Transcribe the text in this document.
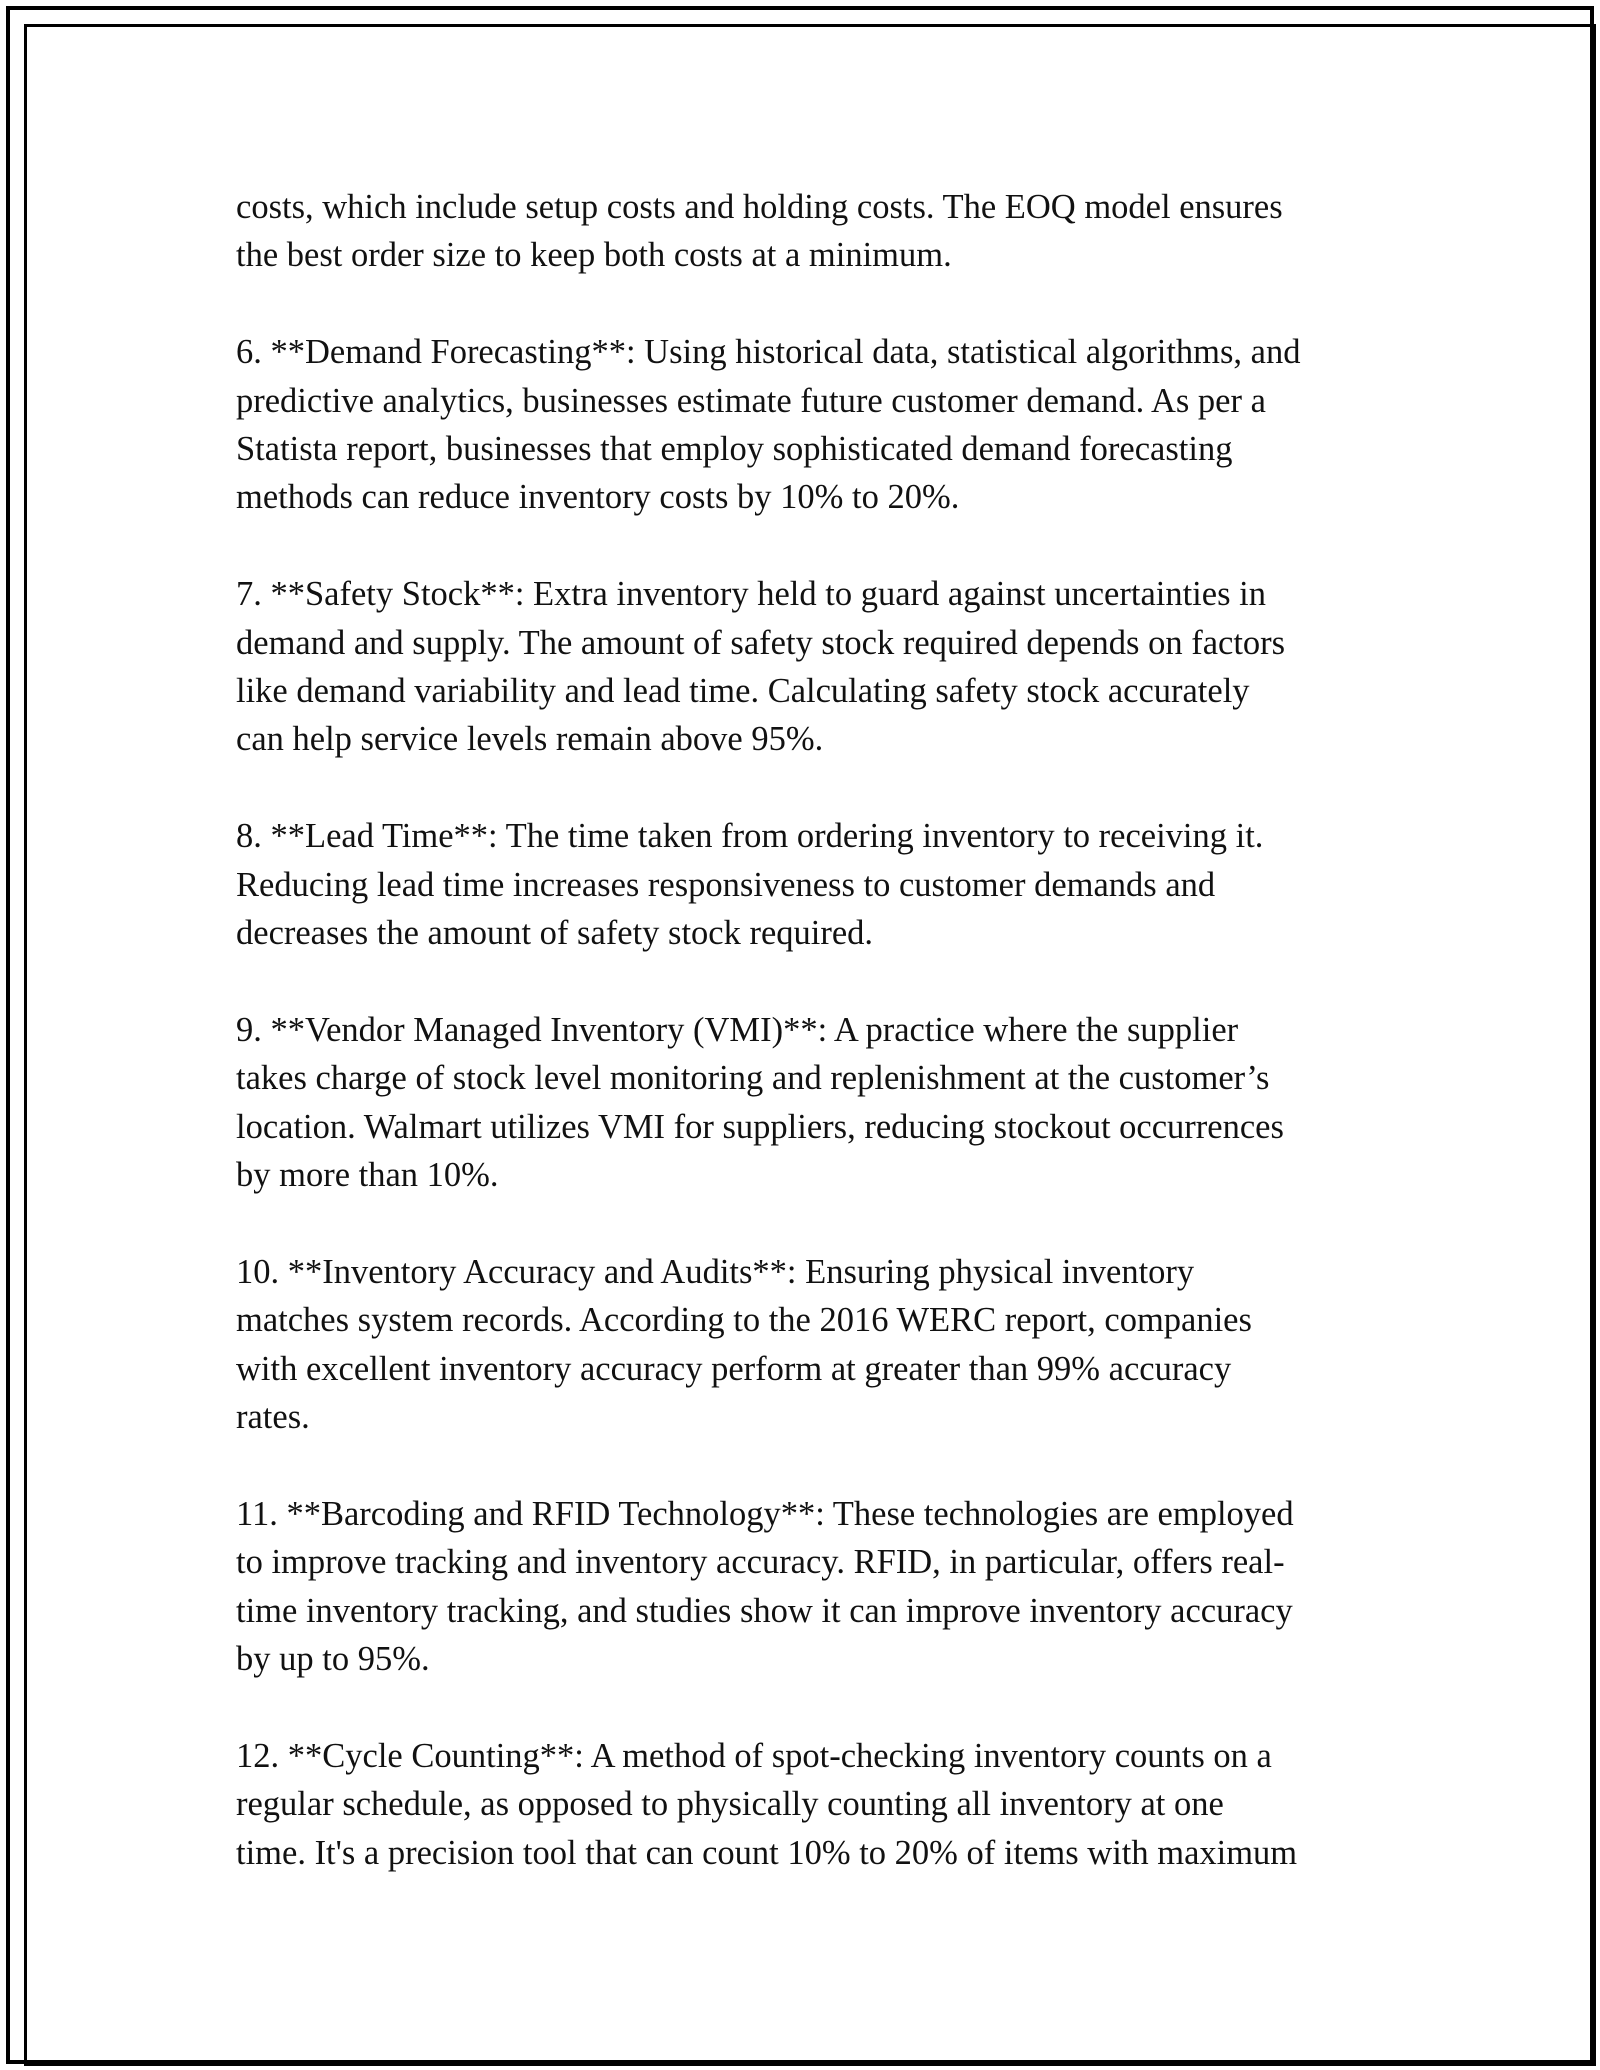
costs, which include setup costs and holding costs. The EOQ model ensures
the best order size to keep both costs at a minimum.

6. **Demand Forecasting**: Using historical data, statistical algorithms, and
predictive analytics, businesses estimate future customer demand. As per a
Statista report, businesses that employ sophisticated demand forecasting
methods can reduce inventory costs by 10% to 20%.

7. **Safety Stock**: Extra inventory held to guard against uncertainties in
demand and supply. The amount of safety stock required depends on factors
like demand variability and lead time. Calculating safety stock accurately
can help service levels remain above 95%.

8. **Lead Time**: The time taken from ordering inventory to receiving it.
Reducing lead time increases responsiveness to customer demands and
decreases the amount of safety stock required.

9. **Vendor Managed Inventory (VMI)**: A practice where the supplier
takes charge of stock level monitoring and replenishment at the customer’s
location. Walmart utilizes VMI for suppliers, reducing stockout occurrences
by more than 10%.

10. **Inventory Accuracy and Audits**: Ensuring physical inventory
matches system records. According to the 2016 WERC report, companies
with excellent inventory accuracy perform at greater than 99% accuracy
rates.

11. **Barcoding and RFID Technology**: These technologies are employed
to improve tracking and inventory accuracy. RFID, in particular, offers real-
time inventory tracking, and studies show it can improve inventory accuracy
by up to 95%.

12. **Cycle Counting**: A method of spot-checking inventory counts on a
regular schedule, as opposed to physically counting all inventory at one
time. It's a precision tool that can count 10% to 20% of items with maximum
